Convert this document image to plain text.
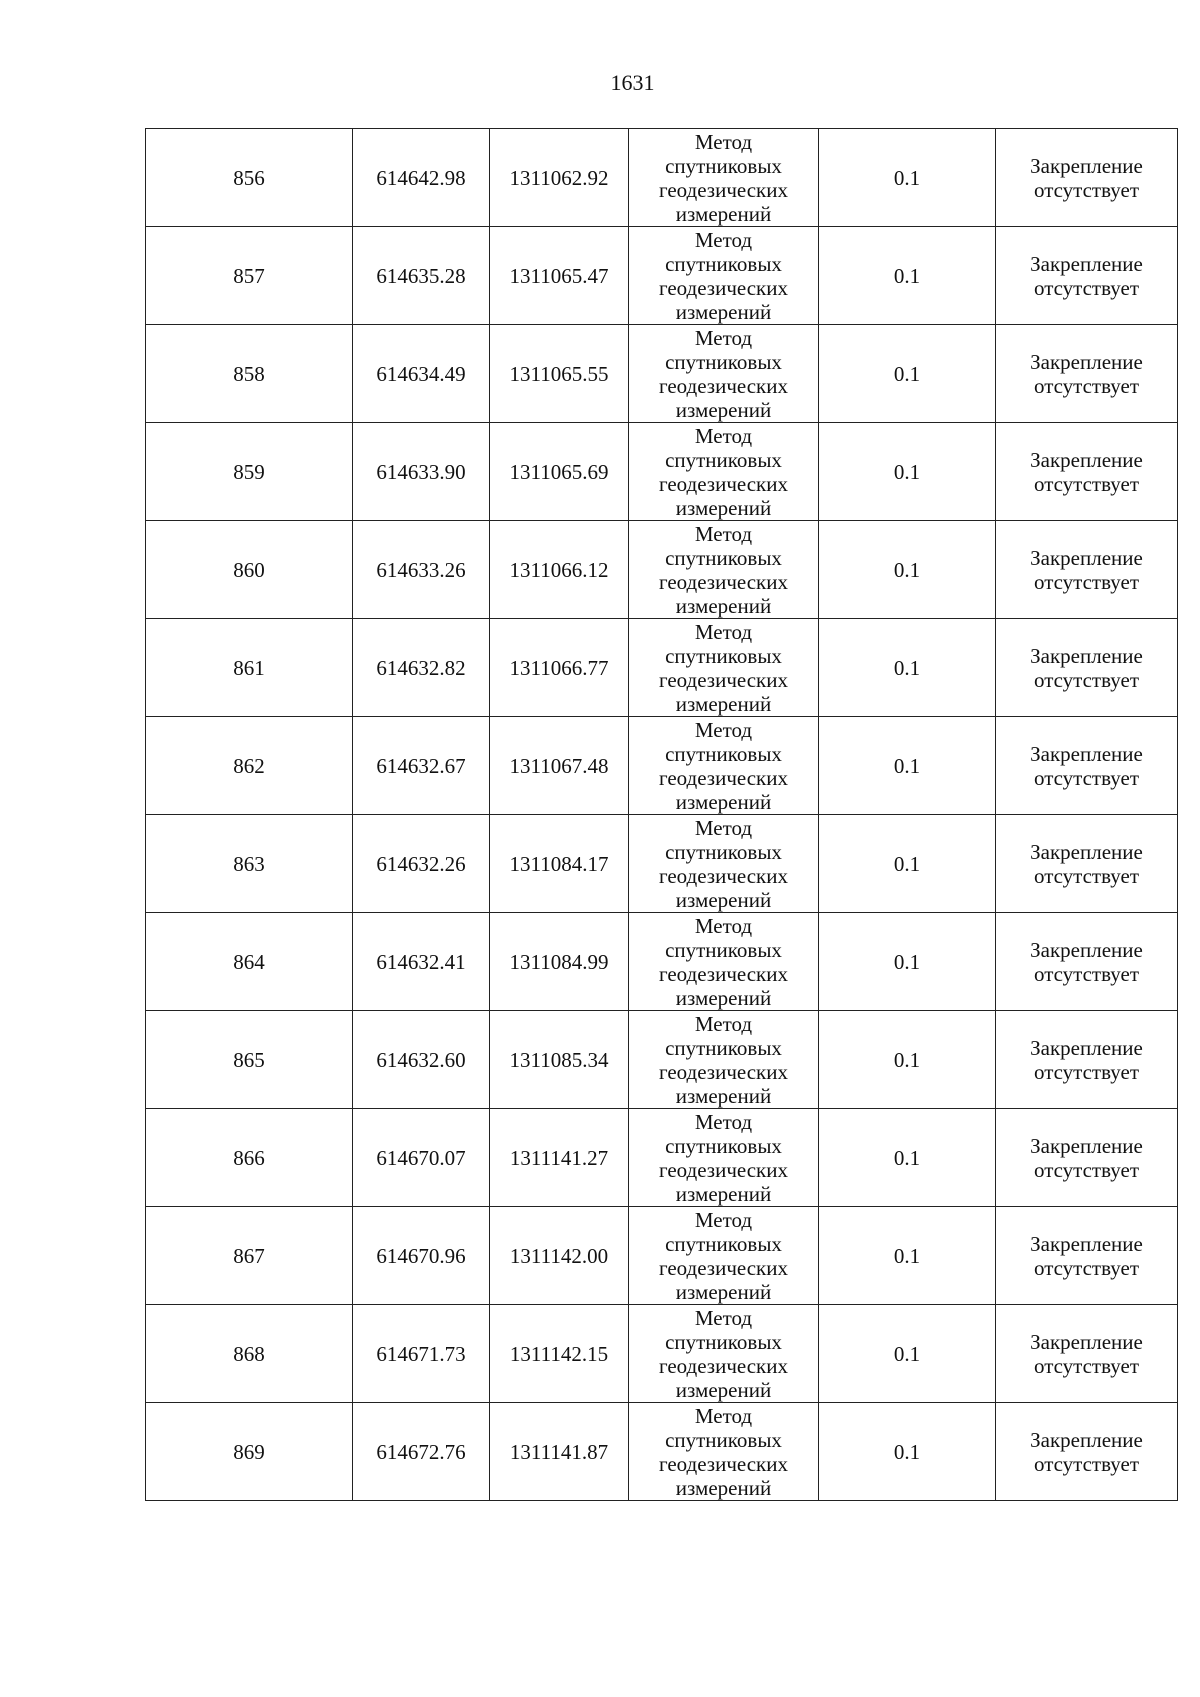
1631
856	614642.98	1311062.92	Метод
спутниковых
геодезических
измерений	0.1	Закрепление
отсутствует

857	614635.28	1311065.47	Метод
спутниковых
геодезических
измерений	0.1	Закрепление
отсутствует

858	614634.49	1311065.55	Метод
спутниковых
геодезических
измерений	0.1	Закрепление
отсутствует

859	614633.90	1311065.69	Метод
спутниковых
геодезических
измерений	0.1	Закрепление
отсутствует

860	614633.26	1311066.12	Метод
спутниковых
геодезических
измерений	0.1	Закрепление
отсутствует

861	614632.82	1311066.77	Метод
спутниковых
геодезических
измерений	0.1	Закрепление
отсутствует

862	614632.67	1311067.48	Метод
спутниковых
геодезических
измерений	0.1	Закрепление
отсутствует

863	614632.26	1311084.17	Метод
спутниковых
геодезических
измерений	0.1	Закрепление
отсутствует

864	614632.41	1311084.99	Метод
спутниковых
геодезических
измерений	0.1	Закрепление
отсутствует

865	614632.60	1311085.34	Метод
спутниковых
геодезических
измерений	0.1	Закрепление
отсутствует

866	614670.07	1311141.27	Метод
спутниковых
геодезических
измерений	0.1	Закрепление
отсутствует

867	614670.96	1311142.00	Метод
спутниковых
геодезических
измерений	0.1	Закрепление
отсутствует

868	614671.73	1311142.15	Метод
спутниковых
геодезических
измерений	0.1	Закрепление
отсутствует

869	614672.76	1311141.87	Метод
спутниковых
геодезических
измерений	0.1	Закрепление
отсутствует
